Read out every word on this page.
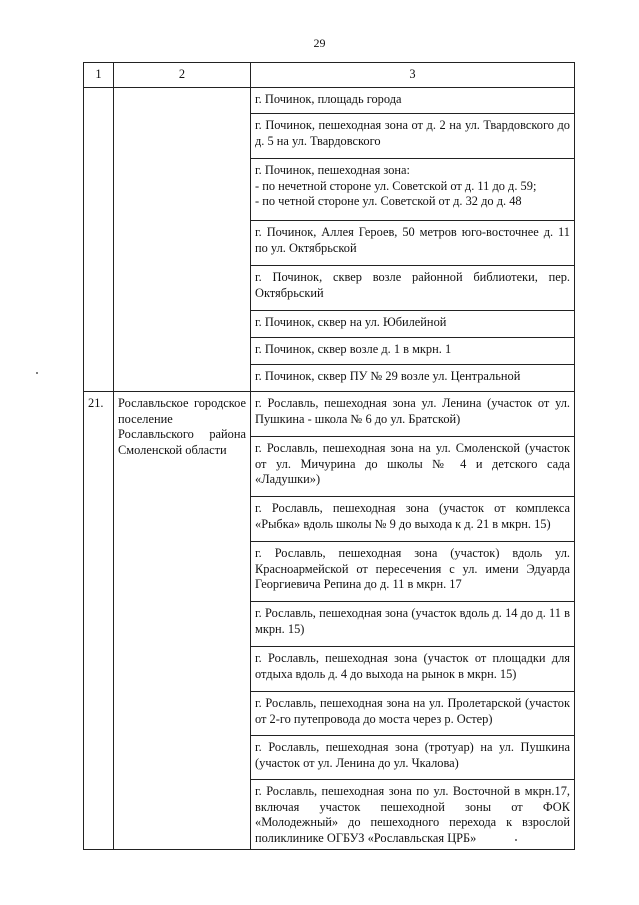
29
1	2	3

		г. Починок, площадь города

		г. Починок, пешеходная зона от д. 2 на ул. Твардовского до д. 5 на ул. Твардовского

		г. Починок, пешеходная зона:
- по нечетной стороне ул. Советской от д. 11 до д. 59;
- по четной стороне ул. Советской от д. 32 до д. 48

		г. Починок, Аллея Героев, 50 метров юго-восточнее д. 11 по ул. Октябрьской

		г. Починок, сквер возле районной библиотеки, пер. Октябрьский

		г. Починок, сквер на ул. Юбилейной

		г. Починок, сквер возле д. 1 в мкрн. 1

		г. Починок, сквер ПУ № 29 возле ул. Центральной

21.	Рославльское городское поселение Рославльского района Смоленской области	г. Рославль, пешеходная зона ул. Ленина (участок от ул. Пушкина - школа № 6 до ул. Братской)

		г. Рославль, пешеходная зона на ул. Смоленской (участок от ул. Мичурина до школы № 4 и детского сада «Ладушки»)

		г. Рославль, пешеходная зона (участок от комплекса «Рыбка» вдоль школы № 9 до выхода к д. 21 в мкрн. 15)

		г. Рославль, пешеходная зона (участок) вдоль ул. Красноармейской от пересечения с ул. имени Эдуарда Георгиевича Репина до д. 11 в мкрн. 17

		г. Рославль, пешеходная зона (участок вдоль д. 14 до д. 11 в мкрн. 15)

		г. Рославль, пешеходная зона (участок от площадки для отдыха вдоль д. 4 до выхода на рынок в мкрн. 15)

		г. Рославль, пешеходная зона на ул. Пролетарской (участок от 2-го путепровода до моста через р. Остер)

		г. Рославль, пешеходная зона (тротуар) на ул. Пушкина (участок от ул. Ленина до ул. Чкалова)

		г. Рославль, пешеходная зона по ул. Восточной в мкрн.17, включая участок пешеходной зоны от ФОК «Молодежный» до пешеходного перехода к взрослой поликлинике ОГБУЗ «Рославльская ЦРБ»
